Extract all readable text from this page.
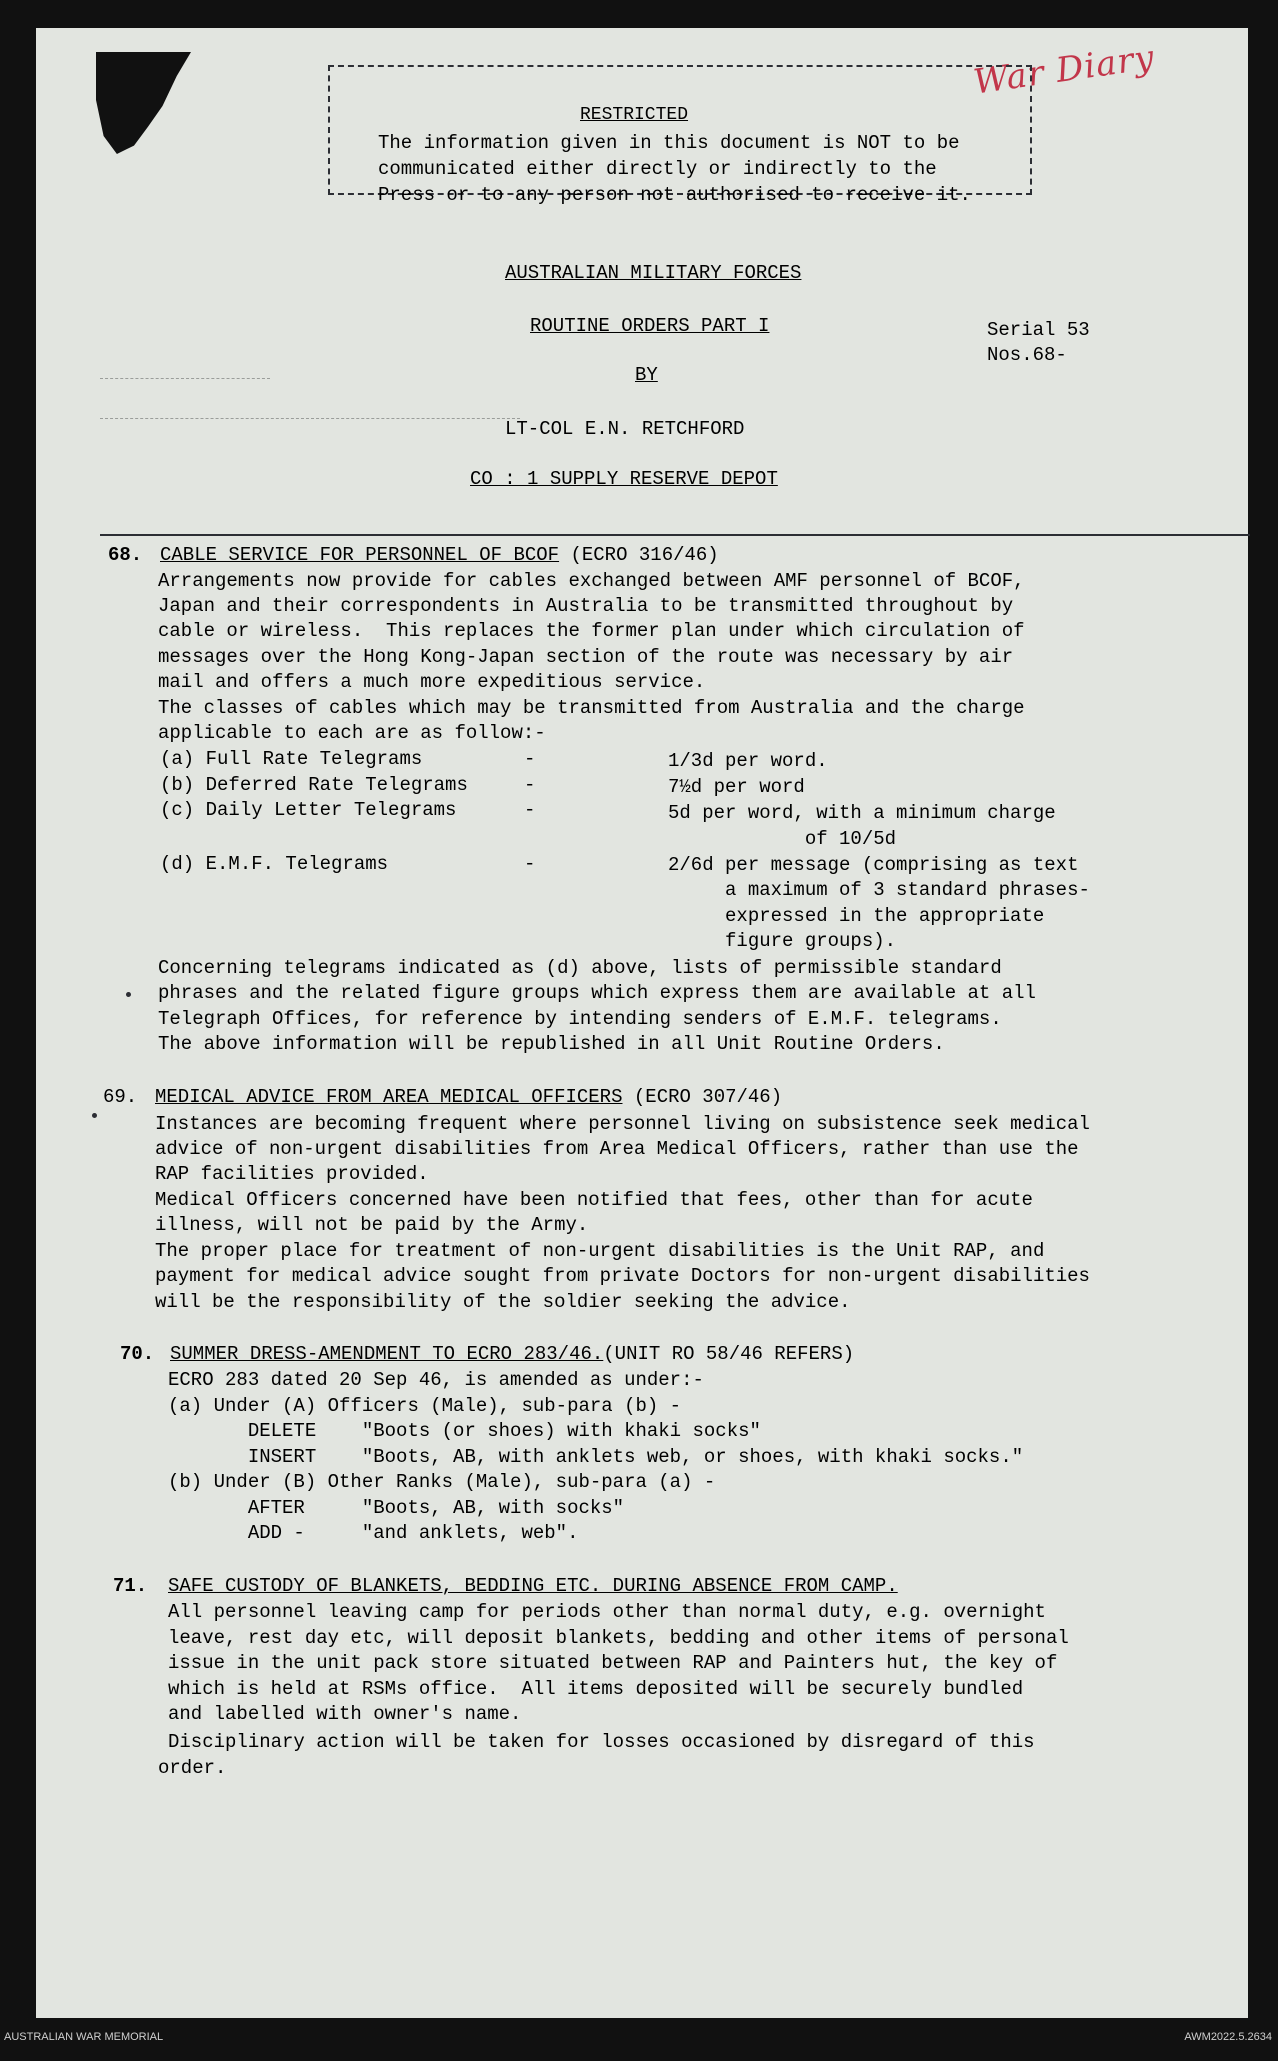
War Diary
RESTRICTED
The information given in this document is NOT to be
communicated either directly or indirectly to the
Press or to any person not authorised to receive it.
AUSTRALIAN MILITARY FORCES
ROUTINE ORDERS PART I
BY
LT-COL E.N. RETCHFORD
CO : 1 SUPPLY RESERVE DEPOT
Serial 53
Nos.68-
68. CABLE SERVICE FOR PERSONNEL OF BCOF (ECRO 316/46)
Arrangements now provide for cables exchanged between AMF personnel of BCOF,
Japan and their correspondents in Australia to be transmitted throughout by
cable or wireless.  This replaces the former plan under which circulation of
messages over the Hong Kong-Japan section of the route was necessary by air
mail and offers a much more expeditious service.
The classes of cables which may be transmitted from Australia and the charge
applicable to each are as follow:-
(a) Full Rate Telegrams	-	1/3d per word.
(b) Deferred Rate Telegrams	-	7½d per word
(c) Daily Letter Telegrams	-	5d per word, with a minimum charge
of 10/5d
(d) E.M.F. Telegrams	-	2/6d per message (comprising as text
a maximum of 3 standard phrases-
expressed in the appropriate
figure groups).
Concerning telegrams indicated as (d) above, lists of permissible standard
phrases and the related figure groups which express them are available at all
Telegraph Offices, for reference by intending senders of E.M.F. telegrams.
The above information will be republished in all Unit Routine Orders.
69. MEDICAL ADVICE FROM AREA MEDICAL OFFICERS (ECRO 307/46)
Instances are becoming frequent where personnel living on subsistence seek medical
advice of non-urgent disabilities from Area Medical Officers, rather than use the
RAP facilities provided.
Medical Officers concerned have been notified that fees, other than for acute
illness, will not be paid by the Army.
The proper place for treatment of non-urgent disabilities is the Unit RAP, and
payment for medical advice sought from private Doctors for non-urgent disabilities
will be the responsibility of the soldier seeking the advice.
70. SUMMER DRESS-AMENDMENT TO ECRO 283/46.(UNIT RO 58/46 REFERS)
ECRO 283 dated 20 Sep 46, is amended as under:-
(a) Under (A) Officers (Male), sub-para (b) -
DELETE    "Boots (or shoes) with khaki socks"
INSERT    "Boots, AB, with anklets web, or shoes, with khaki socks."
(b) Under (B) Other Ranks (Male), sub-para (a) -
AFTER     "Boots, AB, with socks"
ADD -     "and anklets, web".
71. SAFE CUSTODY OF BLANKETS, BEDDING ETC. DURING ABSENCE FROM CAMP.
All personnel leaving camp for periods other than normal duty, e.g. overnight
leave, rest day etc, will deposit blankets, bedding and other items of personal
issue in the unit pack store situated between RAP and Painters hut, the key of
which is held at RSMs office.  All items deposited will be securely bundled
and labelled with owner's name.
Disciplinary action will be taken for losses occasioned by disregard of this
order.
AUSTRALIAN WAR MEMORIAL	AWM2022.5.2634
